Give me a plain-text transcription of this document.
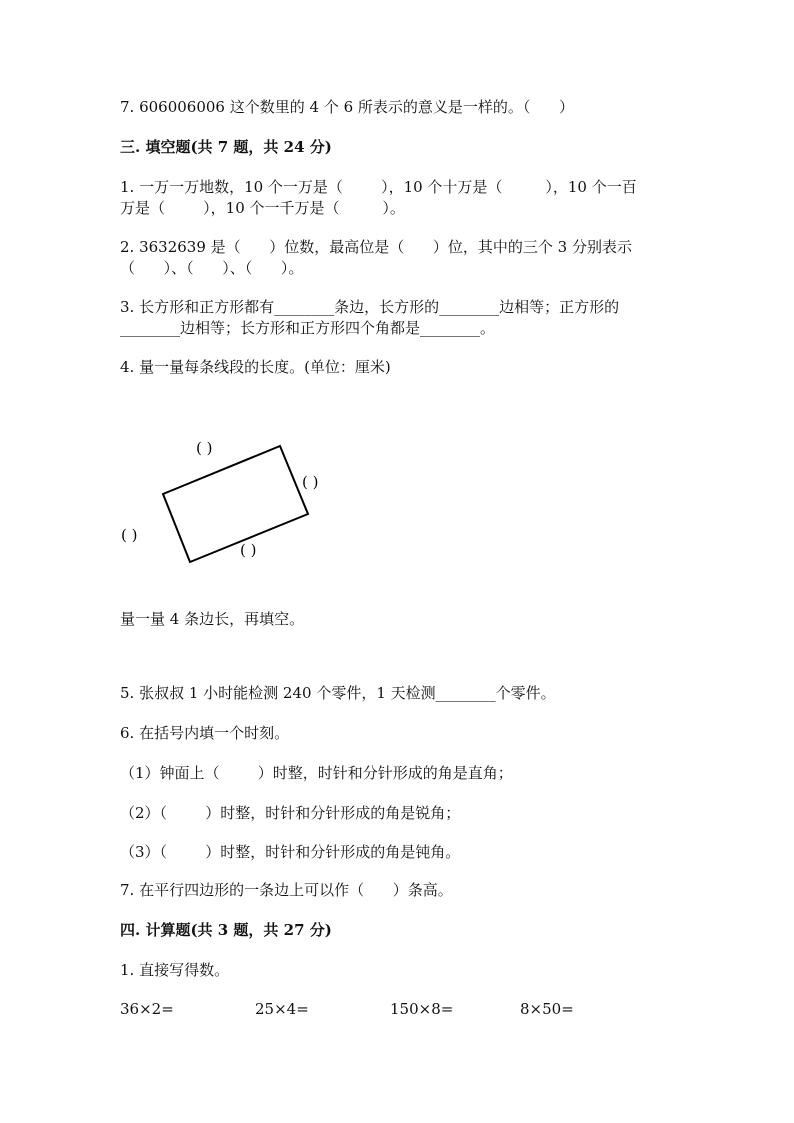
7. 606006006 这个数里的 4 个 6 所表示的意义是一样的。（      ）
三. 填空题(共 7 题，共 24 分)
1. 一万一万地数，10 个一万是（        ），10 个十万是（         ），10 个一百
万是（        ），10 个一千万是（         ）。
2. 3632639 是（      ）位数，最高位是（      ）位，其中的三个 3 分别表示
（      ）、（      ）、（      ）。
3. 长方形和正方形都有________条边，长方形的________边相等；正方形的
________边相等；长方形和正方形四个角都是________。
4. 量一量每条线段的长度。(单位：厘米)
( )
( )
( )
( )
量一量 4 条边长，再填空。
5. 张叔叔 1 小时能检测 240 个零件，1 天检测________个零件。
6. 在括号内填一个时刻。
（1）钟面上（        ）时整，时针和分针形成的角是直角；
（2）（        ）时整，时针和分针形成的角是锐角；
（3）（        ）时整，时针和分针形成的角是钝角。
7. 在平行四边形的一条边上可以作（      ）条高。
四. 计算题(共 3 题，共 27 分)
1. 直接写得数。
36×2=	25×4=	150×8=	8×50=
